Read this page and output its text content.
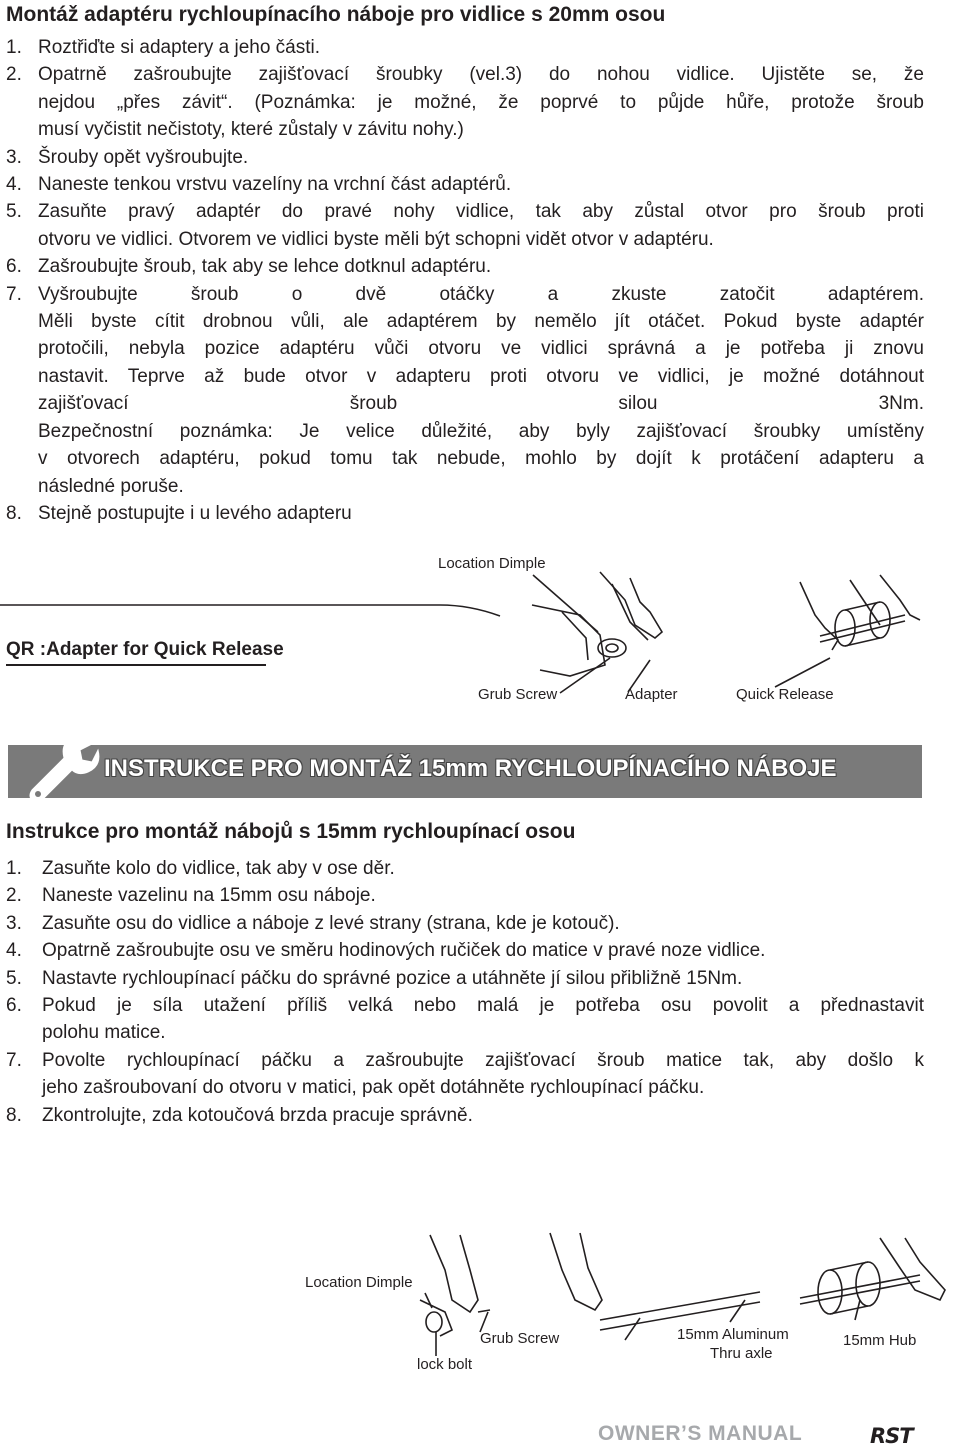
Montáž adaptéru rychloupínacího náboje pro vidlice s 20mm osou
1. Roztřiďte si adaptery a jeho části.
2. Opatrně zašroubujte zajišťovací šroubky (vel.3) do nohou vidlice. Ujistěte se, že
nejdou „přes závit“. (Poznámka: je možné, že poprvé to půjde hůře, protože šroub
musí vyčistit nečistoty, které zůstaly v závitu nohy.)
3. Šrouby opět vyšroubujte.
4. Naneste tenkou vrstvu vazelíny na vrchní část adaptérů.
5. Zasuňte pravý adaptér do pravé nohy vidlice, tak aby zůstal otvor pro šroub proti
otvoru ve vidlici. Otvorem ve vidlici byste měli být schopni vidět otvor v adaptéru.
6. Zašroubujte šroub, tak aby se lehce dotknul adaptéru.
7. Vyšroubujte šroub o dvě otáčky a zkuste zatočit adaptérem.
Měli byste cítit drobnou vůli, ale adaptérem by nemělo jít otáčet. Pokud byste adaptér
protočili, nebyla pozice adaptéru vůči otvoru ve vidlici správná a je potřeba ji znovu
nastavit. Teprve až bude otvor v adapteru proti otvoru ve vidlici, je možné dotáhnout
zajišťovací šroub silou 3Nm.
Bezpečnostní poznámka: Je velice důležité, aby byly zajišťovací šroubky umístěny
v otvorech adaptéru, pokud tomu tak nebude, mohlo by dojít k protáčení adapteru a
následné poruše.
8. Stejně postupujte i u levého adapteru
Location Dimple
QR :Adapter for Quick Release
Grub Screw	Adapter	Quick Release
INSTRUKCE PRO MONTÁŽ 15mm RYCHLOUPÍNACÍHO NÁBOJE
Instrukce pro montáž nábojů s 15mm rychloupínací osou
1.	Zasuňte kolo do vidlice, tak aby v ose děr.
2.	Naneste vazelinu na 15mm osu náboje.
3.	Zasuňte osu do vidlice a náboje z levé strany (strana, kde je kotouč).
4.	Opatrně zašroubujte osu ve směru hodinových ručiček do matice v pravé noze vidlice.
5.	Nastavte rychloupínací páčku do správné pozice a utáhněte jí silou přibližně 15Nm.
6.	Pokud je síla utažení příliš velká nebo malá je potřeba osu povolit a přednastavit
polohu matice.
7.	Povolte rychloupínací páčku a zašroubujte zajišťovací šroub matice tak, aby došlo k
jeho zašroubovaní do otvoru v matici, pak opět dotáhněte rychloupínací páčku.
8.	Zkontrolujte, zda kotoučová brzda pracuje správně.
Location Dimple
Grub Screw
lock bolt
15mm Aluminum
Thru axle
15mm Hub
OWNER’S MANUAL	RST
